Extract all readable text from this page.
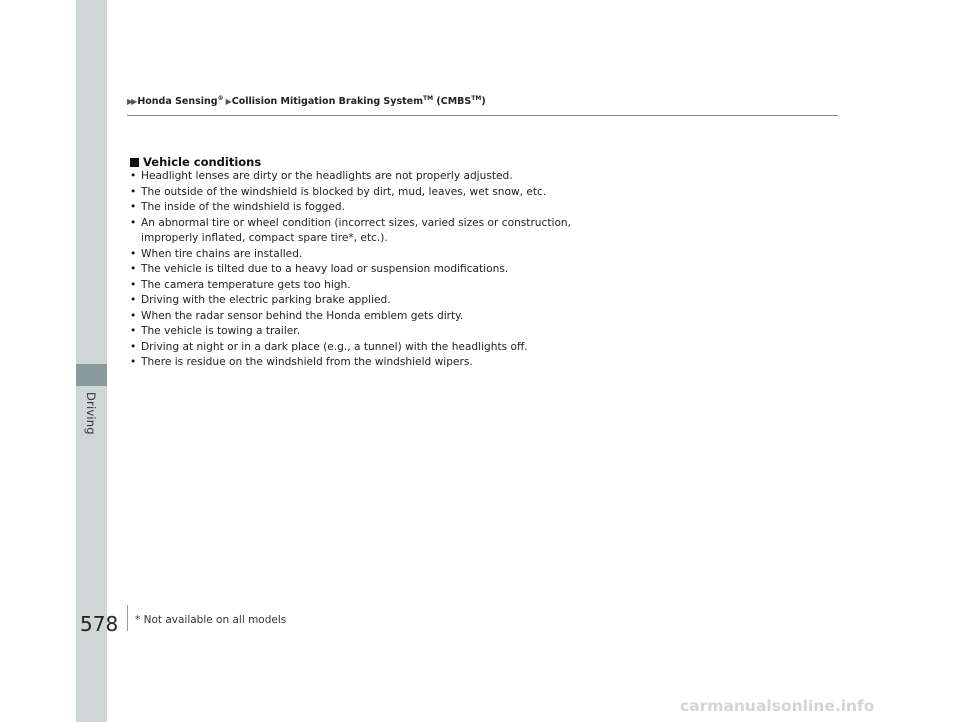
Driving
▶▶ Honda Sensing® ▶ Collision Mitigation Braking System™ (CMBS™)
Vehicle conditions
• Headlight lenses are dirty or the headlights are not properly adjusted.
• The outside of the windshield is blocked by dirt, mud, leaves, wet snow, etc.
• The inside of the windshield is fogged.
• An abnormal tire or wheel condition (incorrect sizes, varied sizes or construction,
improperly inflated, compact spare tire*, etc.).
• When tire chains are installed.
• The vehicle is tilted due to a heavy load or suspension modifications.
• The camera temperature gets too high.
• Driving with the electric parking brake applied.
• When the radar sensor behind the Honda emblem gets dirty.
• The vehicle is towing a trailer.
• Driving at night or in a dark place (e.g., a tunnel) with the headlights off.
• There is residue on the windshield from the windshield wipers.
578 * Not available on all models
carmanualsonline.info
